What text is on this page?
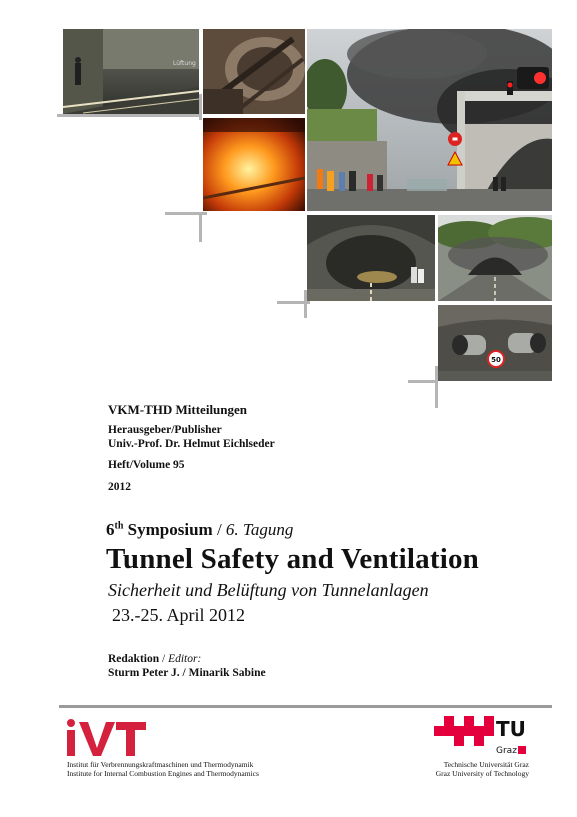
Lüftung
50
VKM-THD Mitteilungen
Herausgeber/Publisher
Univ.-Prof. Dr. Helmut Eichlseder
Heft/Volume 95
2012
6th Symposium / 6. Tagung
Tunnel Safety and Ventilation
Sicherheit und Belüftung von Tunnelanlagen
23.-25. April 2012
Redaktion / Editor:
Sturm Peter J. / Minarik Sabine
Institut für Verbrennungskraftmaschinen und Thermodynamik
Institute for Internal Combustion Engines and Thermodynamics
TU
Graz
Technische Universität Graz
Graz University of Technology
